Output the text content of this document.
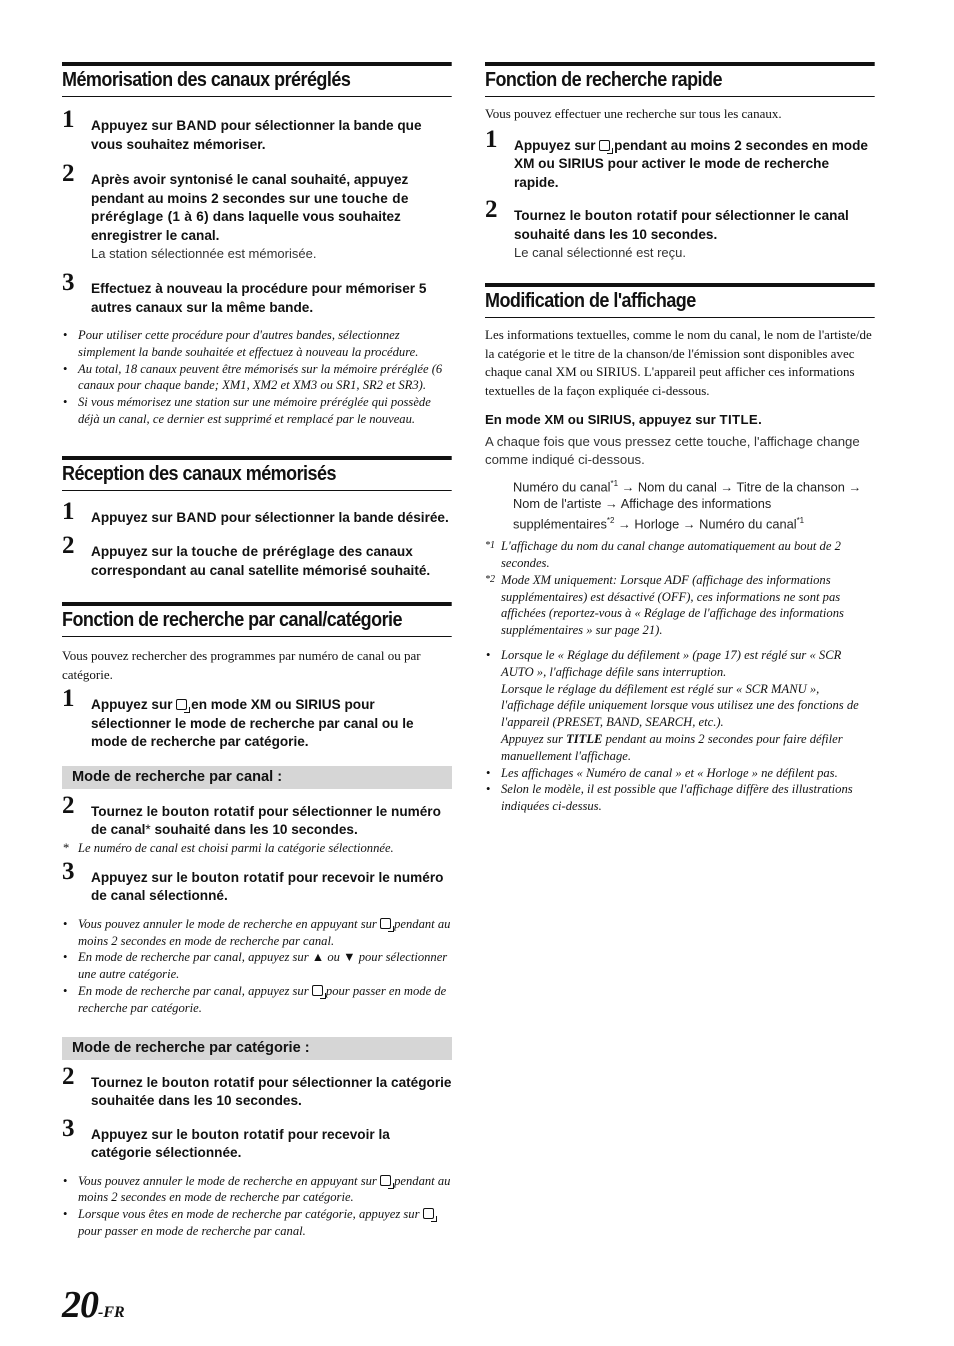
Mémorisation des canaux préréglés
1 Appuyez sur BAND pour sélectionner la bande que vous souhaitez mémoriser.
2 Après avoir syntonisé le canal souhaité, appuyez pendant au moins 2 secondes sur une touche de préréglage (1 à 6) dans laquelle vous souhaitez enregistrer le canal.
La station sélectionnée est mémorisée.
3 Effectuez à nouveau la procédure pour mémoriser 5 autres canaux sur la même bande.
• Pour utiliser cette procédure pour d'autres bandes, sélectionnez simplement la bande souhaitée et effectuez à nouveau la procédure.
• Au total, 18 canaux peuvent être mémorisés sur la mémoire préréglée (6 canaux pour chaque bande; XM1, XM2 et XM3 ou SR1, SR2 et SR3).
• Si vous mémorisez une station sur une mémoire préréglée qui possède déjà un canal, ce dernier est supprimé et remplacé par le nouveau.
Réception des canaux mémorisés
1 Appuyez sur BAND pour sélectionner la bande désirée.
2 Appuyez sur la touche de préréglage des canaux correspondant au canal satellite mémorisé souhaité.
Fonction de recherche par canal/catégorie
Vous pouvez rechercher des programmes par numéro de canal ou par catégorie.
1 Appuyez sur  en mode XM ou SIRIUS pour sélectionner le mode de recherche par canal ou le mode de recherche par catégorie.
Mode de recherche par canal :
2 Tournez le bouton rotatif pour sélectionner le numéro de canal* souhaité dans les 10 secondes.
* Le numéro de canal est choisi parmi la catégorie sélectionnée.
3 Appuyez sur le bouton rotatif pour recevoir le numéro de canal sélectionné.
• Vous pouvez annuler le mode de recherche en appuyant sur  pendant au moins 2 secondes en mode de recherche par canal.
• En mode de recherche par canal, appuyez sur ▲ ou ▼ pour sélectionner une autre catégorie.
• En mode de recherche par canal, appuyez sur  pour passer en mode de recherche par catégorie.
Mode de recherche par catégorie :
2 Tournez le bouton rotatif pour sélectionner la catégorie souhaitée dans les 10 secondes.
3 Appuyez sur le bouton rotatif pour recevoir la catégorie sélectionnée.
• Vous pouvez annuler le mode de recherche en appuyant sur  pendant au moins 2 secondes en mode de recherche par catégorie.
• Lorsque vous êtes en mode de recherche par catégorie, appuyez sur  pour passer en mode de recherche par canal.
Fonction de recherche rapide
Vous pouvez effectuer une recherche sur tous les canaux.
1 Appuyez sur  pendant au moins 2 secondes en mode XM ou SIRIUS pour activer le mode de recherche rapide.
2 Tournez le bouton rotatif pour sélectionner le canal souhaité dans les 10 secondes.
Le canal sélectionné est reçu.
Modification de l'affichage
Les informations textuelles, comme le nom du canal, le nom de l'artiste/de la catégorie et le titre de la chanson/de l'émission sont disponibles avec chaque canal XM ou SIRIUS. L'appareil peut afficher ces informations textuelles de la façon expliquée ci-dessous.
En mode XM ou SIRIUS, appuyez sur TITLE.
A chaque fois que vous pressez cette touche, l'affichage change comme indiqué ci-dessous.
Numéro du canal$^{*1}$ → Nom du canal → Titre de la chanson → Nom de l'artiste → Affichage des informations supplémentaires$^{*2}$ → Horloge → Numéro du canal$^{*1}$
*1 L'affichage du nom du canal change automatiquement au bout de 2 secondes.
*2 Mode XM uniquement: Lorsque ADF (affichage des informations supplémentaires) est désactivé (OFF), ces informations ne sont pas affichées (reportez-vous à « Réglage de l'affichage des informations supplémentaires » sur page 21).
• Lorsque le « Réglage du défilement » (page 17) est réglé sur « SCR AUTO », l'affichage défile sans interruption.
Lorsque le réglage du défilement est réglé sur « SCR MANU », l'affichage défile uniquement lorsque vous utilisez une des fonctions de l'appareil (PRESET, BAND, SEARCH, etc.).
Appuyez sur TITLE pendant au moins 2 secondes pour faire défiler manuellement l'affichage.
• Les affichages « Numéro de canal » et « Horloge » ne défilent pas.
• Selon le modèle, il est possible que l'affichage diffère des illustrations indiquées ci-dessus.
20-FR
